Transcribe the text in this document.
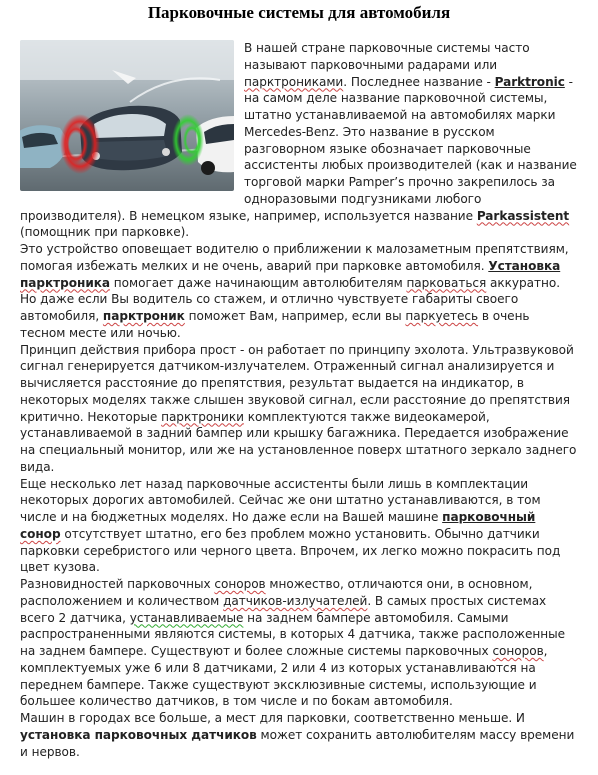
Парковочные системы для автомобиля

В нашей стране парковочные системы часто называют парковочными радарами или парктрониками. Последнее название - Parktronic - на самом деле название парковочной системы, штатно устанавливаемой на автомобилях марки Mercedes-Benz. Это название в русском разговорном языке обозначает парковочные ассистенты любых производителей (как и название торговой марки Pamper’s прочно закрепилось за одноразовыми подгузниками любого производителя). В немецком языке, например, используется название Parkassistent (помощник при парковке).

Это устройство оповещает водителю о приближении к малозаметным препятствиям, помогая избежать мелких и не очень, аварий при парковке автомобиля. Установка парктроника помогает даже начинающим автолюбителям парковаться аккуратно. Но даже если Вы водитель со стажем, и отлично чувствуете габариты своего автомобиля, парктроник поможет Вам, например, если вы паркуетесь в очень тесном месте или ночью.

Принцип действия прибора прост - он работает по принципу эхолота. Ультразвуковой сигнал генерируется датчиком-излучателем. Отраженный сигнал анализируется и вычисляется расстояние до препятствия, результат выдается на индикатор, в некоторых моделях также слышен звуковой сигнал, если расстояние до препятствия критично. Некоторые парктроники комплектуются также видеокамерой, устанавливаемой в задний бампер или крышку багажника. Передается изображение на специальный монитор, или же на установленное поверх штатного зеркало заднего вида.

Еще несколько лет назад парковочные ассистенты были лишь в комплектации некоторых дорогих автомобилей. Сейчас же они штатно устанавливаются, в том числе и на бюджетных моделях. Но даже если на Вашей машине парковочный сонор отсутствует штатно, его без проблем можно установить. Обычно датчики парковки серебристого или черного цвета. Впрочем, их легко можно покрасить под цвет кузова.

Разновидностей парковочных соноров множество, отличаются они, в основном, расположением и количеством датчиков-излучателей. В самых простых системах всего 2 датчика, устанавливаемые на заднем бампере автомобиля. Самыми распространенными являются системы, в которых 4 датчика, также расположенные на заднем бампере. Существуют и более сложные системы парковочных соноров, комплектуемых уже 6 или 8 датчиками, 2 или 4 из которых устанавливаются на переднем бампере. Также существуют эксклюзивные системы, использующие и большее количество датчиков, в том числе и по бокам автомобиля.

Машин в городах все больше, а мест для парковки, соответственно меньше. И установка парковочных датчиков может сохранить автолюбителям массу времени и нервов.
